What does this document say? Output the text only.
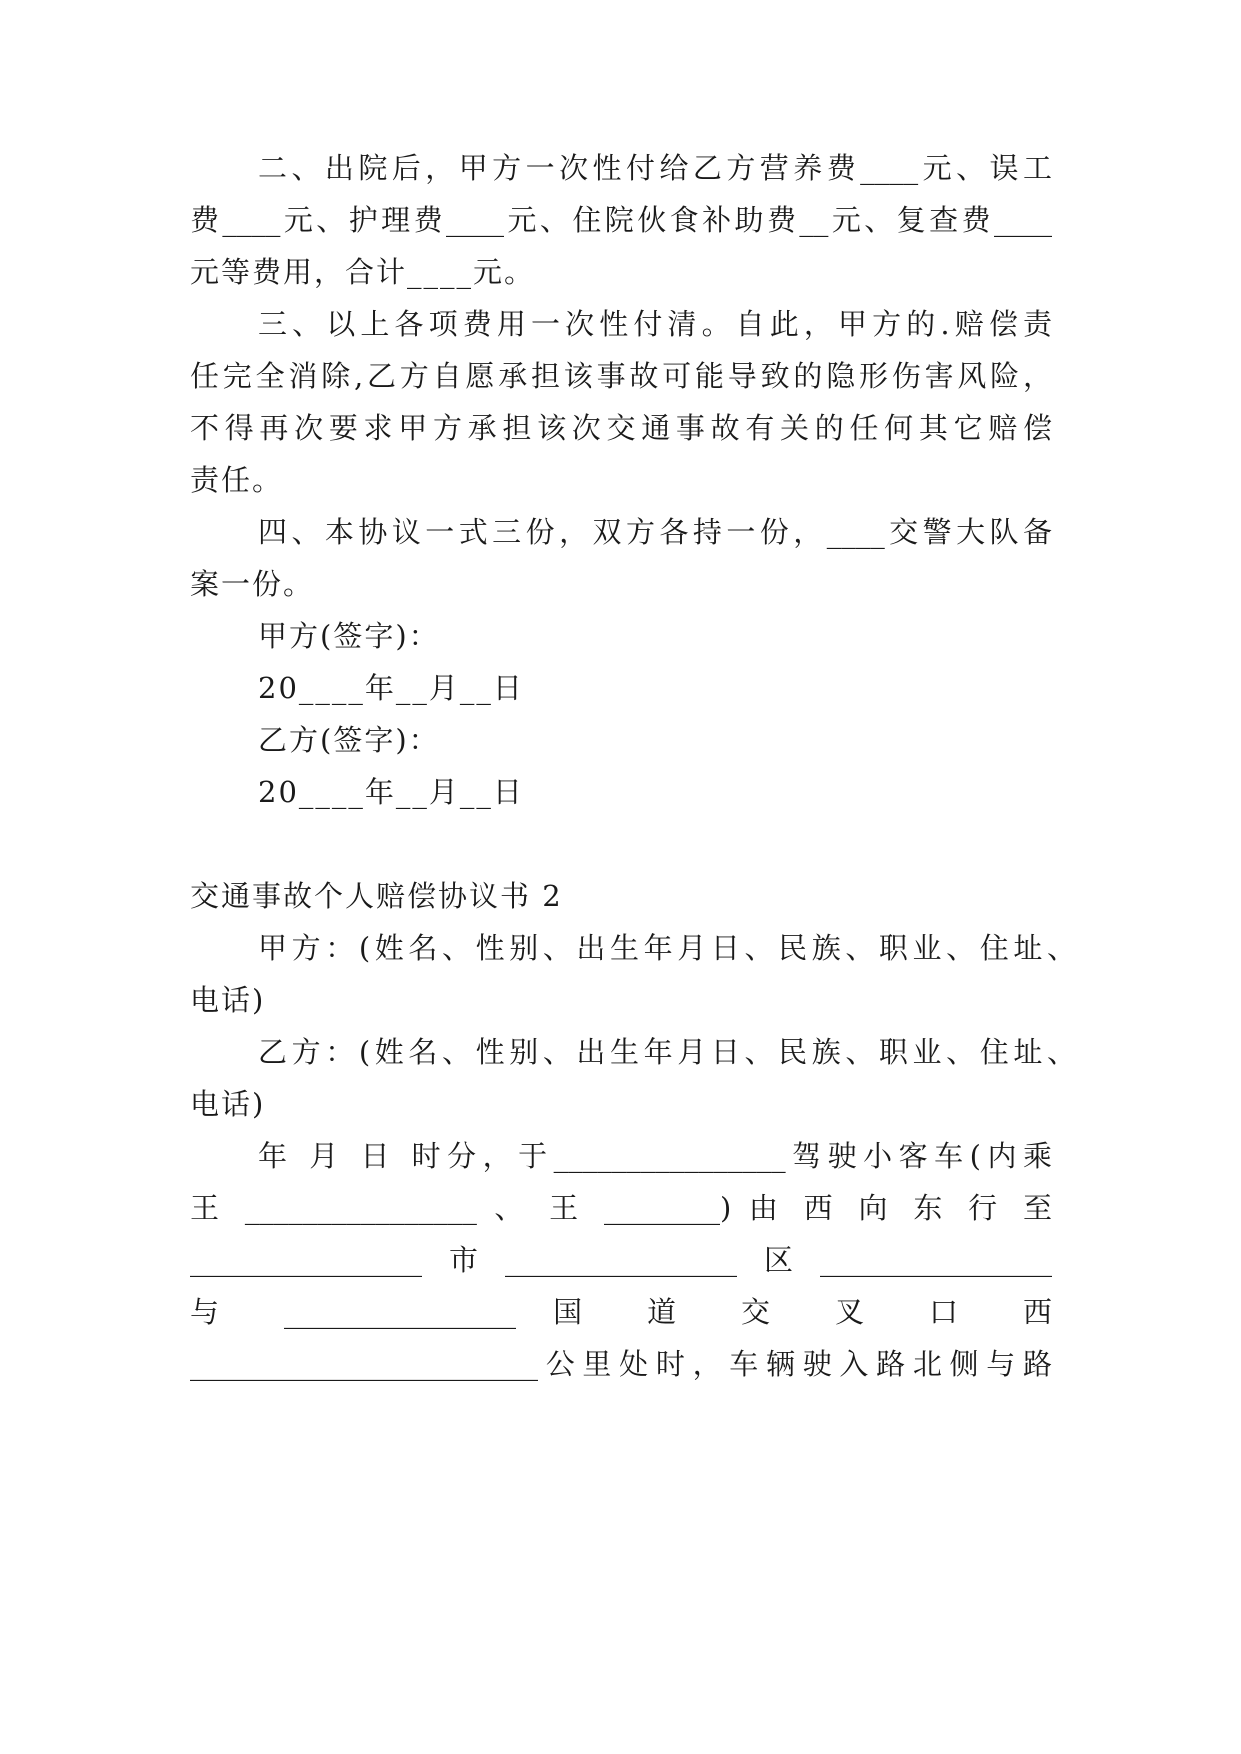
二、出院后，甲方一次性付给乙方营养费____元、误工
费____元、护理费____元、住院伙食补助费__元、复查费____
元等费用，合计____元。
三、以上各项费用一次性付清。自此，甲方的.赔偿责
任完全消除,乙方自愿承担该事故可能导致的隐形伤害风险，
不得再次要求甲方承担该次交通事故有关的任何其它赔偿
责任。
四、本协议一式三份，双方各持一份，____交警大队备
案一份。
甲方(签字)：
20____年__月__日
乙方(签字)：
20____年__月__日
交通事故个人赔偿协议书 2
甲方：(姓名、性别、出生年月日、民族、职业、住址、
电话)
乙方：(姓名、性别、出生年月日、民族、职业、住址、
电话)
年 月 日 时分，于________________驾驶小客车(内乘
王 ________________ 、 王 ________) 由 西 向 东 行 至
________________市________________区________________
与 ________________ 国 道 交 叉 口 西
________________________公里处时，车辆驶入路北侧与路
